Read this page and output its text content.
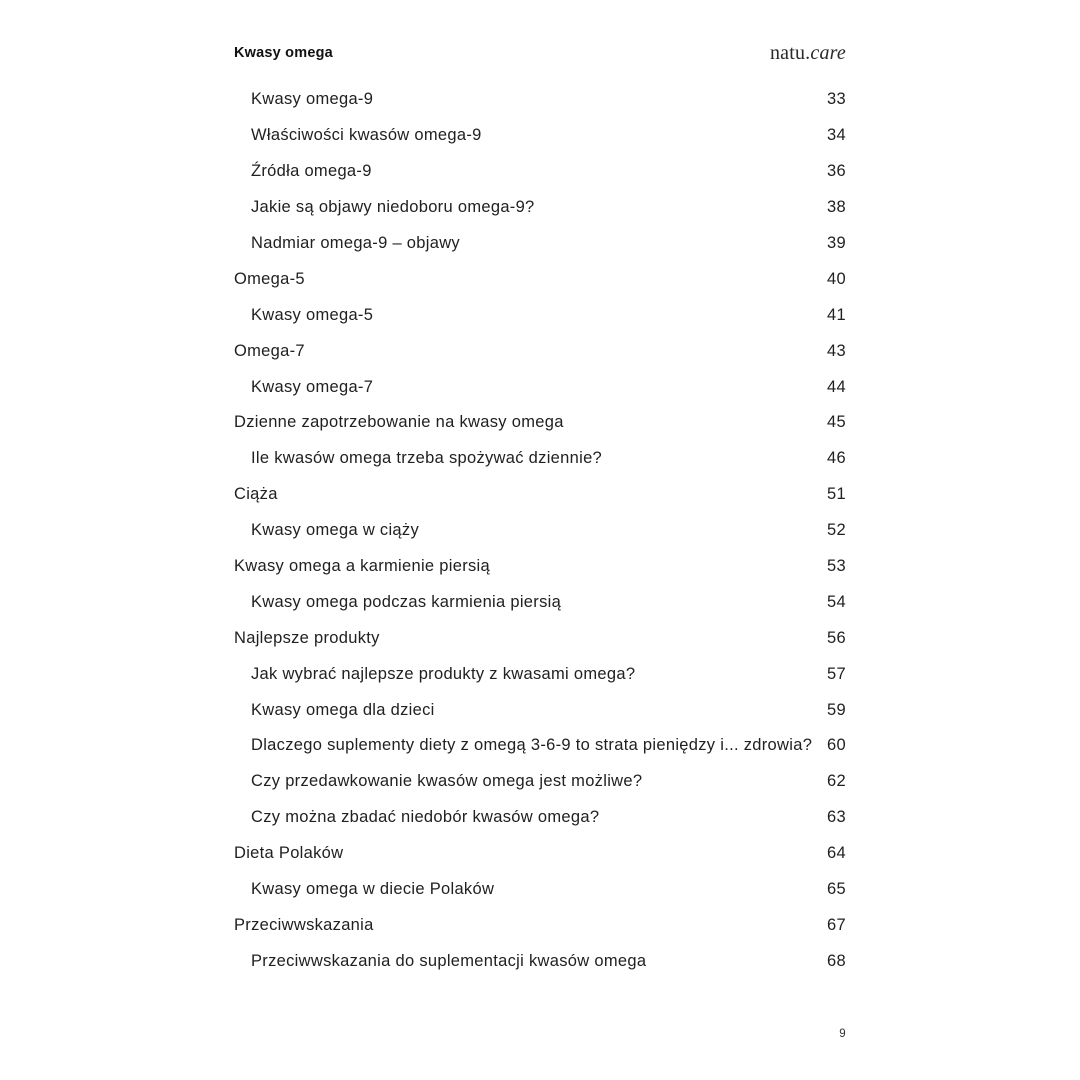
Kwasy omega	natu.care
Kwasy omega-9	33
Właściwości kwasów omega-9	34
Źródła omega-9	36
Jakie są objawy niedoboru omega-9?	38
Nadmiar omega-9 – objawy	39
Omega-5	40
Kwasy omega-5	41
Omega-7	43
Kwasy omega-7	44
Dzienne zapotrzebowanie na kwasy omega	45
Ile kwasów omega trzeba spożywać dziennie?	46
Ciąża	51
Kwasy omega w ciąży	52
Kwasy omega a karmienie piersią	53
Kwasy omega podczas karmienia piersią	54
Najlepsze produkty	56
Jak wybrać najlepsze produkty z kwasami omega?	57
Kwasy omega dla dzieci	59
Dlaczego suplementy diety z omegą 3-6-9 to strata pieniędzy i... zdrowia? 60
Czy przedawkowanie kwasów omega jest możliwe?	62
Czy można zbadać niedobór kwasów omega?	63
Dieta Polaków	64
Kwasy omega w diecie Polaków	65
Przeciwwskazania	67
Przeciwwskazania do suplementacji kwasów omega	68
9
